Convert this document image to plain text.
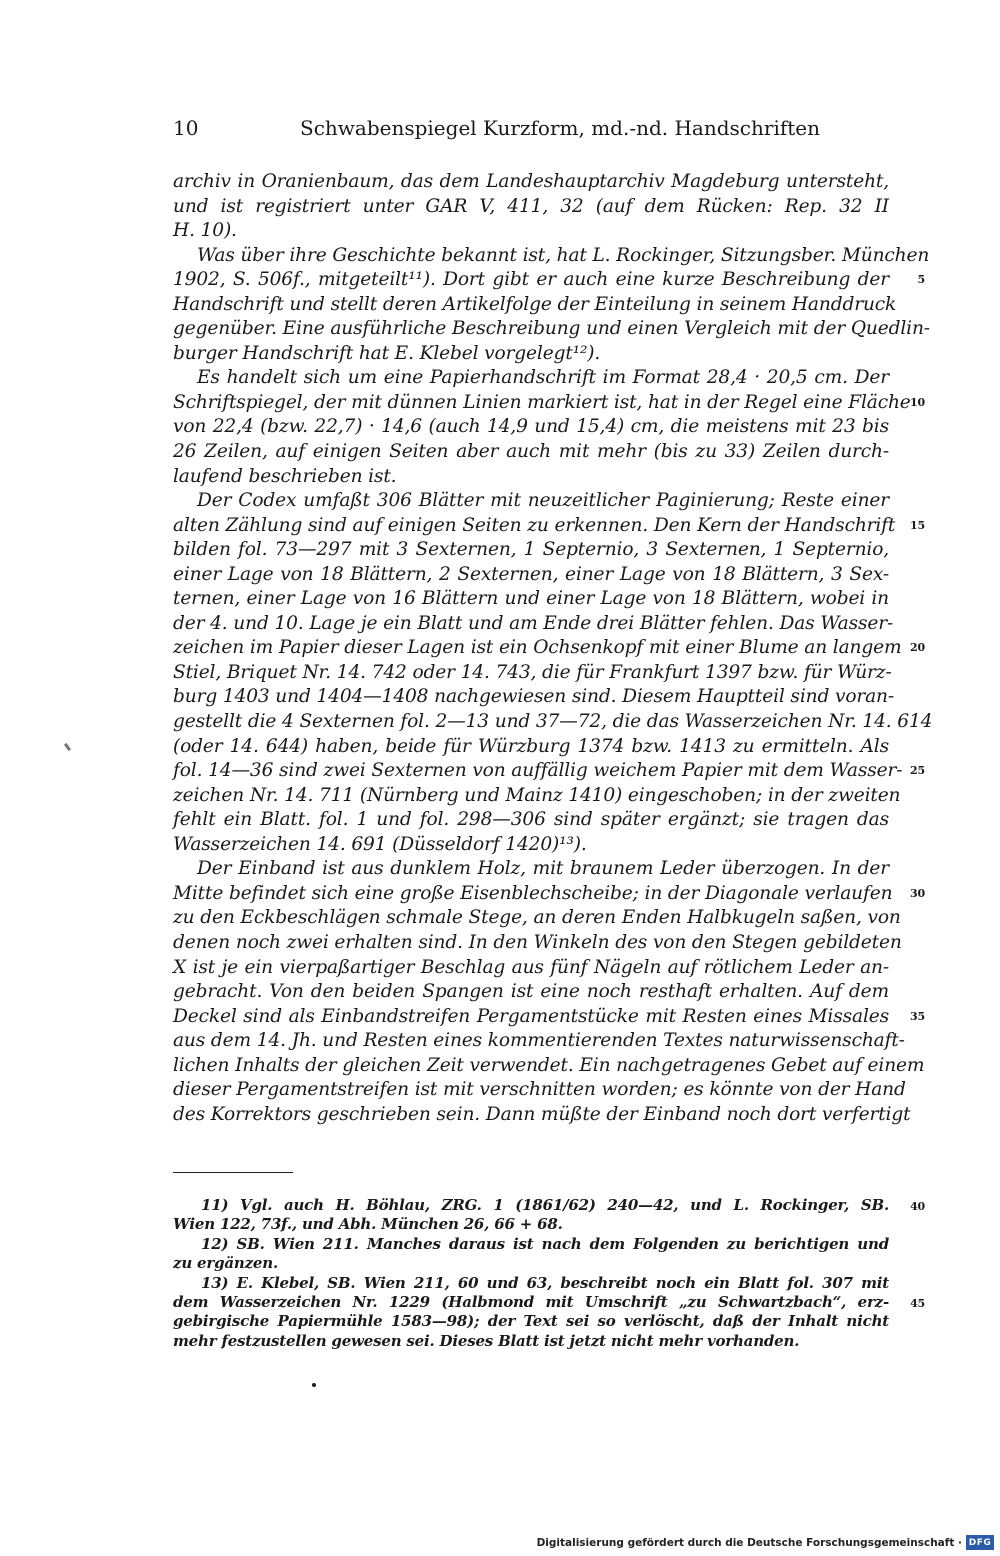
10	Schwabenspiegel Kurzform, md.-nd. Handschriften
archiv in Oranienbaum, das dem Landeshauptarchiv Magdeburg untersteht,
und ist registriert unter GAR V, 411, 32 (auf dem Rücken: Rep. 32 II
H. 10).
Was über ihre Geschichte bekannt ist, hat L. Rockinger, Sitzungsber. München
1902, S. 506f., mitgeteilt¹¹). Dort gibt er auch eine kurze Beschreibung der	5
Handschrift und stellt deren Artikelfolge der Einteilung in seinem Handdruck
gegenüber. Eine ausführliche Beschreibung und einen Vergleich mit der Quedlin-
burger Handschrift hat E. Klebel vorgelegt¹²).
Es handelt sich um eine Papierhandschrift im Format 28,4 · 20,5 cm. Der
Schriftspiegel, der mit dünnen Linien markiert ist, hat in der Regel eine Fläche 10
von 22,4 (bzw. 22,7) · 14,6 (auch 14,9 und 15,4) cm, die meistens mit 23 bis
26 Zeilen, auf einigen Seiten aber auch mit mehr (bis zu 33) Zeilen durch-
laufend beschrieben ist.
Der Codex umfaßt 306 Blätter mit neuzeitlicher Paginierung; Reste einer
alten Zählung sind auf einigen Seiten zu erkennen. Den Kern der Handschrift 15
bilden fol. 73—297 mit 3 Sexternen, 1 Septernio, 3 Sexternen, 1 Septernio,
einer Lage von 18 Blättern, 2 Sexternen, einer Lage von 18 Blättern, 3 Sex-
ternen, einer Lage von 16 Blättern und einer Lage von 18 Blättern, wobei in
der 4. und 10. Lage je ein Blatt und am Ende drei Blätter fehlen. Das Wasser-
zeichen im Papier dieser Lagen ist ein Ochsenkopf mit einer Blume an langem 20
Stiel, Briquet Nr. 14. 742 oder 14. 743, die für Frankfurt 1397 bzw. für Würz-
burg 1403 und 1404—1408 nachgewiesen sind. Diesem Hauptteil sind voran-
gestellt die 4 Sexternen fol. 2—13 und 37—72, die das Wasserzeichen Nr. 14. 614
(oder 14. 644) haben, beide für Würzburg 1374 bzw. 1413 zu ermitteln. Als
fol. 14—36 sind zwei Sexternen von auffällig weichem Papier mit dem Wasser- 25
zeichen Nr. 14. 711 (Nürnberg und Mainz 1410) eingeschoben; in der zweiten
fehlt ein Blatt. fol. 1 und fol. 298—306 sind später ergänzt; sie tragen das
Wasserzeichen 14. 691 (Düsseldorf 1420)¹³).
Der Einband ist aus dunklem Holz, mit braunem Leder überzogen. In der
Mitte befindet sich eine große Eisenblechscheibe; in der Diagonale verlaufen 30
zu den Eckbeschlägen schmale Stege, an deren Enden Halbkugeln saßen, von
denen noch zwei erhalten sind. In den Winkeln des von den Stegen gebildeten
X ist je ein vierpaßartiger Beschlag aus fünf Nägeln auf rötlichem Leder an-
gebracht. Von den beiden Spangen ist eine noch resthaft erhalten. Auf dem
Deckel sind als Einbandstreifen Pergamentstücke mit Resten eines Missales 35
aus dem 14. Jh. und Resten eines kommentierenden Textes naturwissenschaft-
lichen Inhalts der gleichen Zeit verwendet. Ein nachgetragenes Gebet auf einem
dieser Pergamentstreifen ist mit verschnitten worden; es könnte von der Hand
des Korrektors geschrieben sein. Dann müßte der Einband noch dort verfertigt
11) Vgl. auch H. Böhlau, ZRG. 1 (1861/62) 240—42, und L. Rockinger, SB. 40
Wien 122, 73f., und Abh. München 26, 66 + 68.
12) SB. Wien 211. Manches daraus ist nach dem Folgenden zu berichtigen und
zu ergänzen.
13) E. Klebel, SB. Wien 211, 60 und 63, beschreibt noch ein Blatt fol. 307 mit
dem Wasserzeichen Nr. 1229 (Halbmond mit Umschrift „zu Schwartzbach“, erz- 45
gebirgische Papiermühle 1583—98); der Text sei so verlöscht, daß der Inhalt nicht
mehr festzustellen gewesen sei. Dieses Blatt ist jetzt nicht mehr vorhanden.
Digitalisierung gefördert durch die Deutsche Forschungsgemeinschaft · DFG
